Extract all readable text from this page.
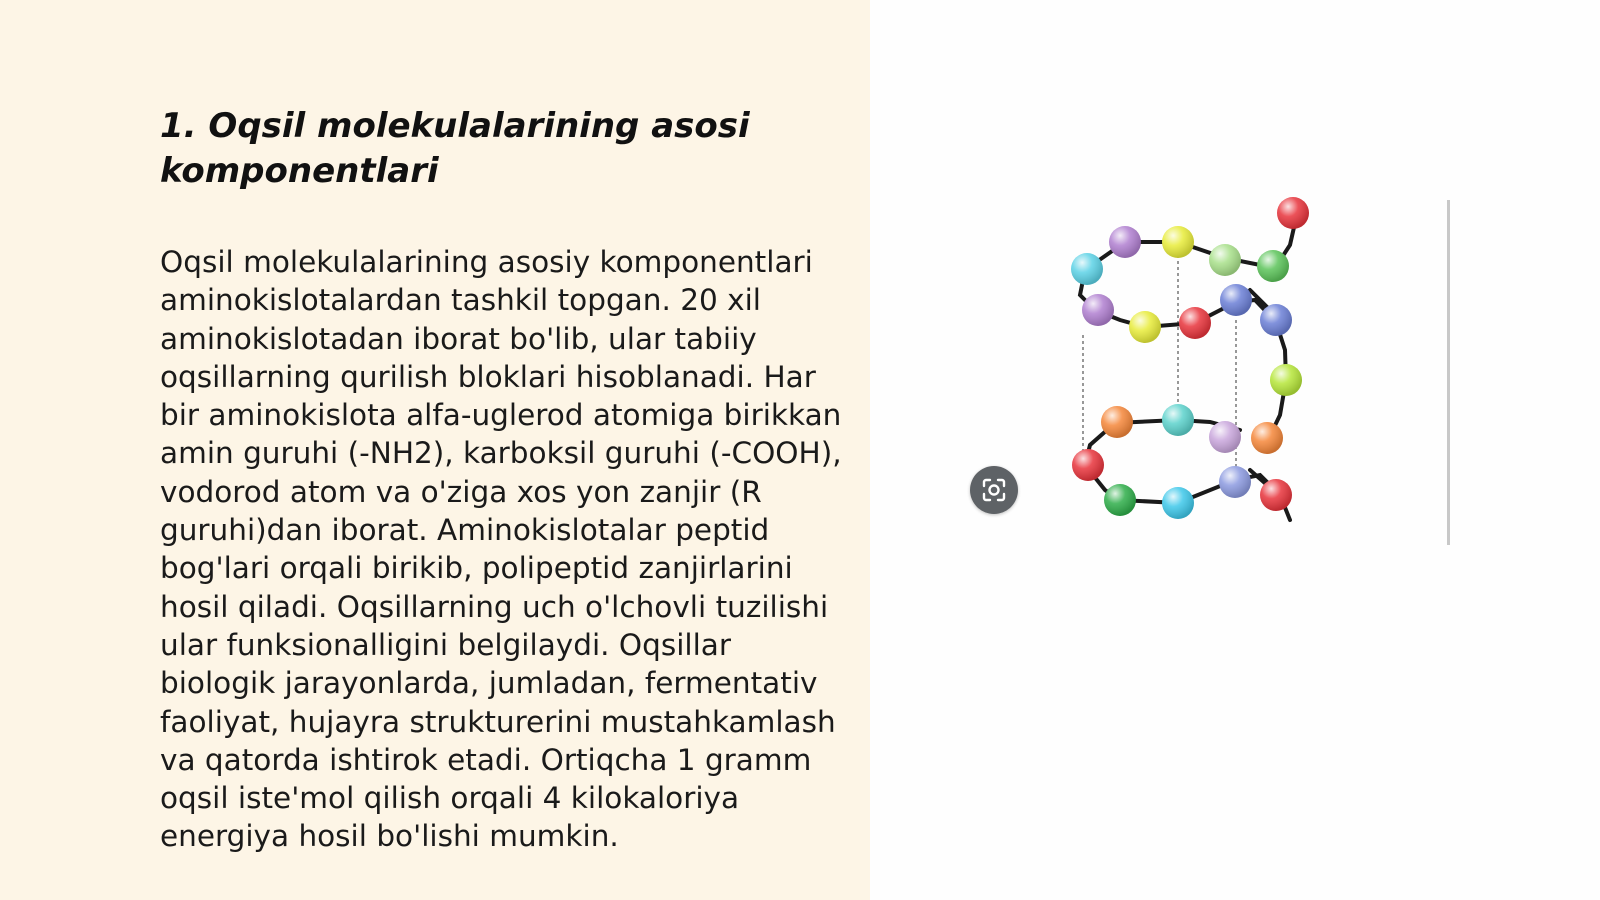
1. Oqsil molekulalarining asosi komponentlari

Oqsil molekulalarining asosiy komponentlari aminokislotalardan tashkil topgan. 20 xil aminokislotadan iborat bo'lib, ular tabiiy oqsillarning qurilish bloklari hisoblanadi. Har bir aminokislota alfa-uglerod atomiga birikkan amin guruhi (-NH2), karboksil guruhi (-COOH), vodorod atom va o'ziga xos yon zanjir (R guruhi)dan iborat. Aminokislotalar peptid bog'lari orqali birikib, polipeptid zanjirlarini hosil qiladi. Oqsillarning uch o'lchovli tuzilishi ular funksionalligini belgilaydi. Oqsillar biologik jarayonlarda, jumladan, fermentativ faoliyat, hujayra strukturerini mustahkamlash va qatorda ishtirok etadi. Ortiqcha 1 gramm oqsil iste'mol qilish orqali 4 kilokaloriya energiya hosil bo'lishi mumkin.
